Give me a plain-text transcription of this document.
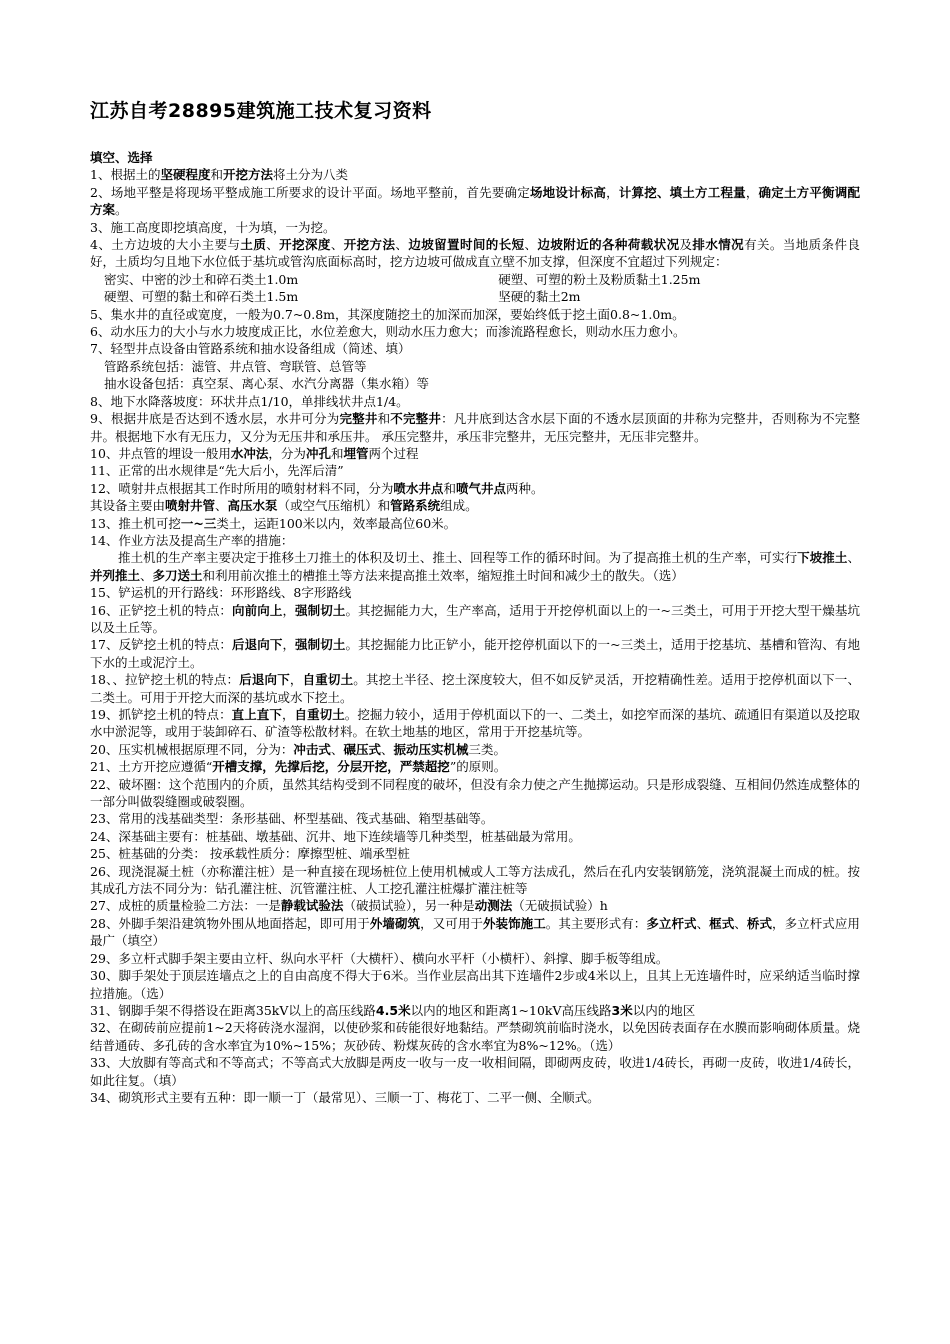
江苏自考28895建筑施工技术复习资料
填空、选择
1、根据土的坚硬程度和开挖方法将土分为八类
2、场地平整是将现场平整成施工所要求的设计平面。场地平整前，首先要确定场地设计标高，计算挖、填土方工程量，确定土方平衡调配方案。
3、施工高度即挖填高度，十为填，一为挖。
4、土方边坡的大小主要与土质、开挖深度、开挖方法、边坡留置时间的长短、边坡附近的各种荷载状况及排水情况有关。当地质条件良好，土质均匀且地下水位低于基坑或管沟底面标高时，挖方边坡可做成直立壁不加支撑，但深度不宜超过下列规定：
密实、中密的沙土和碎石类土1.0m	硬塑、可塑的粉土及粉质黏土1.25m
硬塑、可塑的黏土和碎石类土1.5m	坚硬的黏土2m
5、集水井的直径或宽度，一般为0.7~0.8m，其深度随挖土的加深而加深，要始终低于挖土面0.8~1.0m。
6、动水压力的大小与水力坡度成正比，水位差愈大，则动水压力愈大；而渗流路程愈长，则动水压力愈小。
7、轻型井点设备由管路系统和抽水设备组成（简述、填）
管路系统包括：滤管、井点管、弯联管、总管等
抽水设备包括：真空泵、离心泵、水汽分离器（集水箱）等
8、地下水降落坡度：环状井点1/10，单排线状井点1/4。
9、根据井底是否达到不透水层，水井可分为完整井和不完整井：凡井底到达含水层下面的不透水层顶面的井称为完整井，否则称为不完整井。根据地下水有无压力，又分为无压井和承压井。 承压完整井，承压非完整井，无压完整井，无压非完整井。
10、井点管的埋设一般用水冲法，分为冲孔和埋管两个过程
11、正常的出水规律是“先大后小，先浑后清”
12、喷射井点根据其工作时所用的喷射材料不同，分为喷水井点和喷气井点两种。
其设备主要由喷射井管、高压水泵（或空气压缩机）和管路系统组成。
13、推土机可挖一~三类土，运距100米以内，效率最高位60米。
14、作业方法及提高生产率的措施：
推土机的生产率主要决定于推移土刀推土的体积及切土、推土、回程等工作的循环时间。为了提高推土机的生产率，可实行下坡推土、并列推土、多刀送土和利用前次推土的槽推土等方法来提高推土效率，缩短推土时间和减少土的散失。（选）
15、铲运机的开行路线：环形路线、8字形路线
16、正铲挖土机的特点：向前向上，强制切土。其挖掘能力大，生产率高，适用于开挖停机面以上的一~三类土，可用于开挖大型干燥基坑以及土丘等。
17、反铲挖土机的特点：后退向下，强制切土。其挖掘能力比正铲小，能开挖停机面以下的一~三类土，适用于挖基坑、基槽和管沟、有地下水的土或泥泞土。
18、、拉铲挖土机的特点：后退向下，自重切土。其挖土半径、挖土深度较大，但不如反铲灵活，开挖精确性差。适用于挖停机面以下一、二类土。可用于开挖大而深的基坑或水下挖土。
19、抓铲挖土机的特点：直上直下，自重切土。挖掘力较小，适用于停机面以下的一、二类土，如挖窄而深的基坑、疏通旧有渠道以及挖取水中淤泥等，或用于装卸碎石、矿渣等松散材料。在软土地基的地区，常用于开挖基坑等。
20、压实机械根据原理不同，分为：冲击式、碾压式、振动压实机械三类。
21、土方开挖应遵循“开槽支撑，先撑后挖，分层开挖，严禁超挖”的原则。
22、破坏圈：这个范围内的介质，虽然其结构受到不同程度的破坏，但没有余力使之产生抛掷运动。只是形成裂缝、互相间仍然连成整体的一部分叫做裂缝圈或破裂圈。
23、常用的浅基础类型：条形基础、杯型基础、筏式基础、箱型基础等。
24、深基础主要有：桩基础、墩基础、沉井、地下连续墙等几种类型，桩基础最为常用。
25、桩基础的分类： 按承载性质分：摩擦型桩、端承型桩
26、现浇混凝土桩（亦称灌注桩）是一种直接在现场桩位上使用机械或人工等方法成孔，然后在孔内安装钢筋笼，浇筑混凝土而成的桩。按其成孔方法不同分为：钻孔灌注桩、沉管灌注桩、人工挖孔灌注桩爆扩灌注桩等
27、成桩的质量检验二方法：一是静载试验法（破损试验），另一种是动测法（无破损试验）h
28、外脚手架沿建筑物外围从地面搭起，即可用于外墙砌筑，又可用于外装饰施工。其主要形式有：多立杆式、框式、桥式，多立杆式应用最广（填空）
29、多立杆式脚手架主要由立杆、纵向水平杆（大横杆）、横向水平杆（小横杆）、斜撑、脚手板等组成。
30、脚手架处于顶层连墙点之上的自由高度不得大于6米。当作业层高出其下连墙件2步或4米以上，且其上无连墙件时，应采纳适当临时撑拉措施。（选）
31、钢脚手架不得搭设在距离35kV以上的高压线路4.5米以内的地区和距离1~10kV高压线路3米以内的地区
32、在砌砖前应提前1~2天将砖浇水湿润，以使砂浆和砖能很好地黏结。严禁砌筑前临时浇水，以免因砖表面存在水膜而影响砌体质量。烧结普通砖、多孔砖的含水率宜为10%~15%；灰砂砖、粉煤灰砖的含水率宜为8%~12%。（选）
33、大放脚有等高式和不等高式；不等高式大放脚是两皮一收与一皮一收相间隔，即砌两皮砖，收进1/4砖长，再砌一皮砖，收进1/4砖长，如此往复。（填）
34、砌筑形式主要有五种：即一顺一丁（最常见）、三顺一丁、梅花丁、二平一侧、全顺式。
